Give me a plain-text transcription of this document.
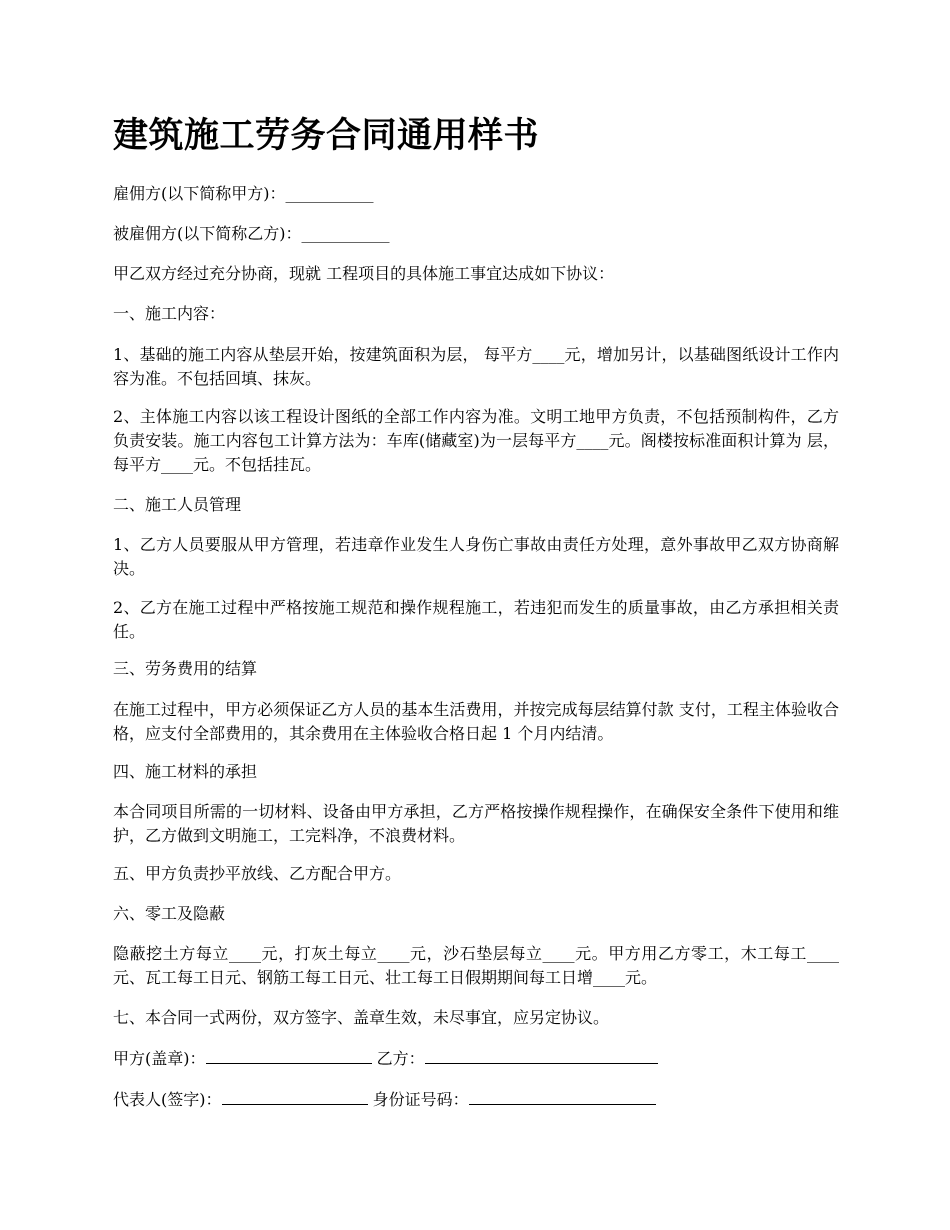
建筑施工劳务合同通用样书

雇佣方(以下简称甲方)：___________

被雇佣方(以下简称乙方)：___________

甲乙双方经过充分协商，现就 工程项目的具体施工事宜达成如下协议：

一、施工内容：

1、基础的施工内容从垫层开始，按建筑面积为层， 每平方____元，增加另计，以基础图纸设计工作内容为准。不包括回填、抹灰。

2、主体施工内容以该工程设计图纸的全部工作内容为准。文明工地甲方负责，不包括预制构件，乙方负责安装。施工内容包工计算方法为：车库(储藏室)为一层每平方____元。阁楼按标准面积计算为 层，每平方____元。不包括挂瓦。

二、施工人员管理

1、乙方人员要服从甲方管理，若违章作业发生人身伤亡事故由责任方处理，意外事故甲乙双方协商解决。

2、乙方在施工过程中严格按施工规范和操作规程施工，若违犯而发生的质量事故，由乙方承担相关责任。

三、劳务费用的结算

在施工过程中，甲方必须保证乙方人员的基本生活费用，并按完成每层结算付款 支付，工程主体验收合格，应支付全部费用的，其余费用在主体验收合格日起 1 个月内结清。

四、施工材料的承担

本合同项目所需的一切材料、设备由甲方承担，乙方严格按操作规程操作，在确保安全条件下使用和维护，乙方做到文明施工，工完料净，不浪费材料。

五、甲方负责抄平放线、乙方配合甲方。

六、零工及隐蔽

隐蔽挖土方每立____元，打灰土每立____元，沙石垫层每立____元。甲方用乙方零工，木工每工____元、瓦工每工日元、钢筋工每工日元、壮工每工日假期期间每工日增____元。

七、本合同一式两份，双方签字、盖章生效，未尽事宜，应另定协议。

甲方(盖章)：	乙方：
代表人(签字)：	身份证号码：
